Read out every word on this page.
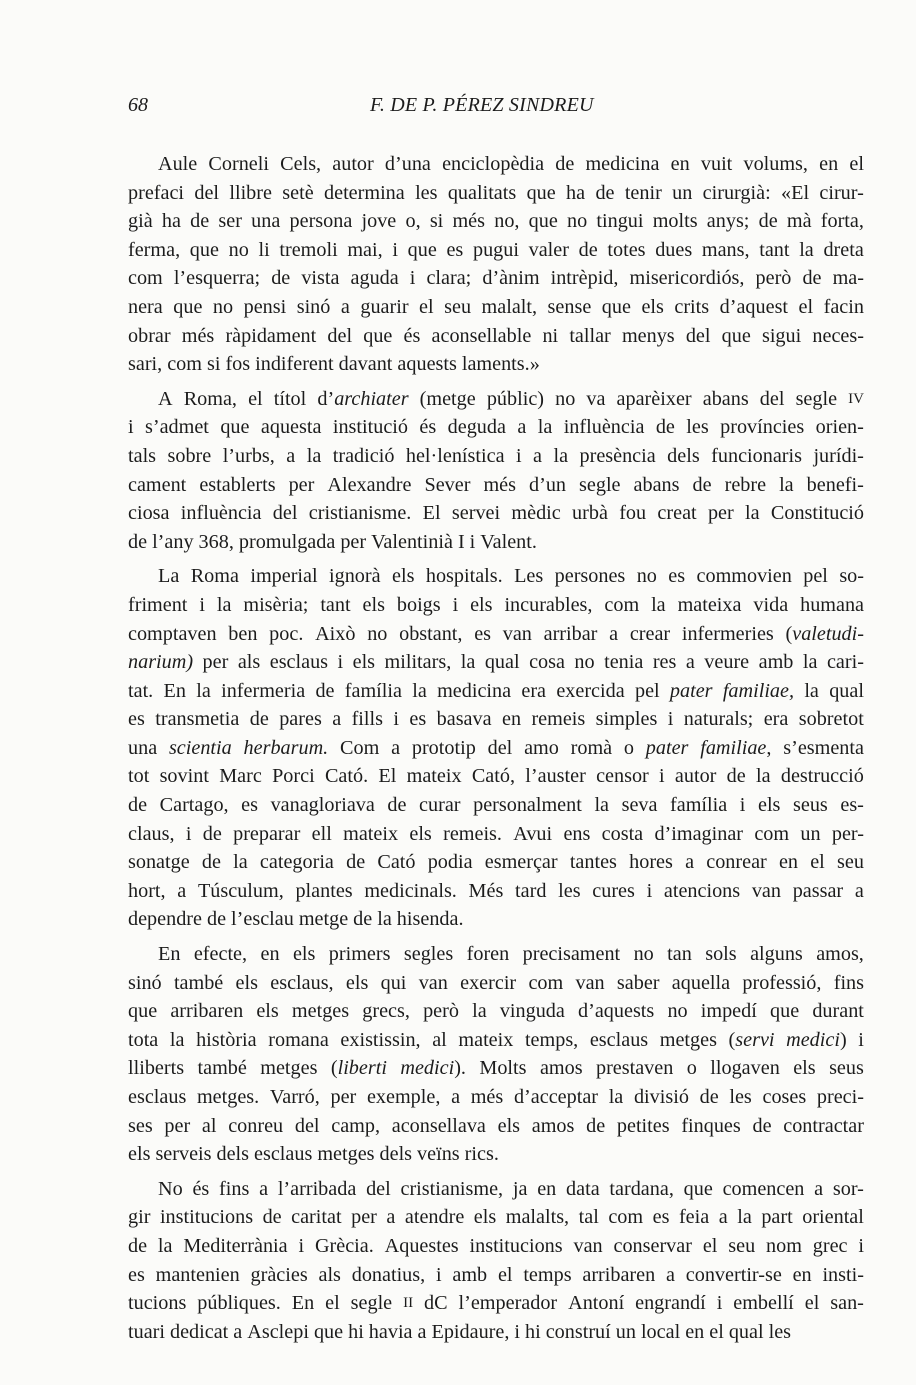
68	F. DE P. PÉREZ SINDREU
Aule Corneli Cels, autor d’una enciclopèdia de medicina en vuit volums, en el
prefaci del llibre setè determina les qualitats que ha de tenir un cirurgià: «El cirur-
già ha de ser una persona jove o, si més no, que no tingui molts anys; de mà forta,
ferma, que no li tremoli mai, i que es pugui valer de totes dues mans, tant la dreta
com l’esquerra; de vista aguda i clara; d’ànim intrèpid, misericordiós, però de ma-
nera que no pensi sinó a guarir el seu malalt, sense que els crits d’aquest el facin
obrar més ràpidament del que és aconsellable ni tallar menys del que sigui neces-
sari, com si fos indiferent davant aquests laments.»
A Roma, el títol d’archiater (metge públic) no va aparèixer abans del segle IV
i s’admet que aquesta institució és deguda a la influència de les províncies orien-
tals sobre l’urbs, a la tradició hel·lenística i a la presència dels funcionaris jurídi-
cament establerts per Alexandre Sever més d’un segle abans de rebre la benefi-
ciosa influència del cristianisme. El servei mèdic urbà fou creat per la Constitució
de l’any 368, promulgada per Valentinià I i Valent.
La Roma imperial ignorà els hospitals. Les persones no es commovien pel so-
friment i la misèria; tant els boigs i els incurables, com la mateixa vida humana
comptaven ben poc. Això no obstant, es van arribar a crear infermeries (valetudi-
narium) per als esclaus i els militars, la qual cosa no tenia res a veure amb la cari-
tat. En la infermeria de família la medicina era exercida pel pater familiae, la qual
es transmetia de pares a fills i es basava en remeis simples i naturals; era sobretot
una scientia herbarum. Com a prototip del amo romà o pater familiae, s’esmenta
tot sovint Marc Porci Cató. El mateix Cató, l’auster censor i autor de la destrucció
de Cartago, es vanagloriava de curar personalment la seva família i els seus es-
claus, i de preparar ell mateix els remeis. Avui ens costa d’imaginar com un per-
sonatge de la categoria de Cató podia esmerçar tantes hores a conrear en el seu
hort, a Túsculum, plantes medicinals. Més tard les cures i atencions van passar a
dependre de l’esclau metge de la hisenda.
En efecte, en els primers segles foren precisament no tan sols alguns amos,
sinó també els esclaus, els qui van exercir com van saber aquella professió, fins
que arribaren els metges grecs, però la vinguda d’aquests no impedí que durant
tota la història romana existissin, al mateix temps, esclaus metges (servi medici) i
lliberts també metges (liberti medici). Molts amos prestaven o llogaven els seus
esclaus metges. Varró, per exemple, a més d’acceptar la divisió de les coses preci-
ses per al conreu del camp, aconsellava els amos de petites finques de contractar
els serveis dels esclaus metges dels veïns rics.
No és fins a l’arribada del cristianisme, ja en data tardana, que comencen a sor-
gir institucions de caritat per a atendre els malalts, tal com es feia a la part oriental
de la Mediterrània i Grècia. Aquestes institucions van conservar el seu nom grec i
es mantenien gràcies als donatius, i amb el temps arribaren a convertir-se en insti-
tucions públiques. En el segle II dC l’emperador Antoní engrandí i embellí el san-
tuari dedicat a Asclepi que hi havia a Epidaure, i hi construí un local en el qual les
